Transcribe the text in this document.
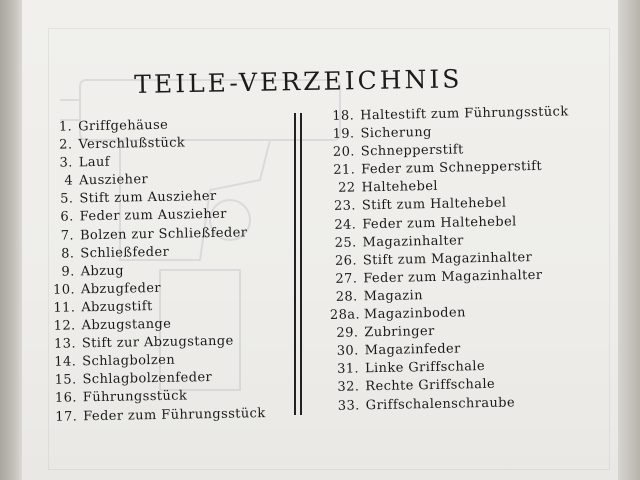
TEILE-VERZEICHNIS
1. Griffgehäuse
2. Verschlußstück
3. Lauf
4 Auszieher
5. Stift zum Auszieher
6. Feder zum Auszieher
7. Bolzen zur Schließfeder
8. Schließfeder
9. Abzug
10. Abzugfeder
11. Abzugstift
12. Abzugstange
13. Stift zur Abzugstange
14. Schlagbolzen
15. Schlagbolzenfeder
16. Führungsstück
17. Feder zum Führungsstück
18. Haltestift zum Führungsstück
19. Sicherung
20. Schnepperstift
21. Feder zum Schnepperstift
22 Haltehebel
23. Stift zum Haltehebel
24. Feder zum Haltehebel
25. Magazinhalter
26. Stift zum Magazinhalter
27. Feder zum Magazinhalter
28. Magazin
28a. Magazinboden
29. Zubringer
30. Magazinfeder
31. Linke Griffschale
32. Rechte Griffschale
33. Griffschalenschraube
